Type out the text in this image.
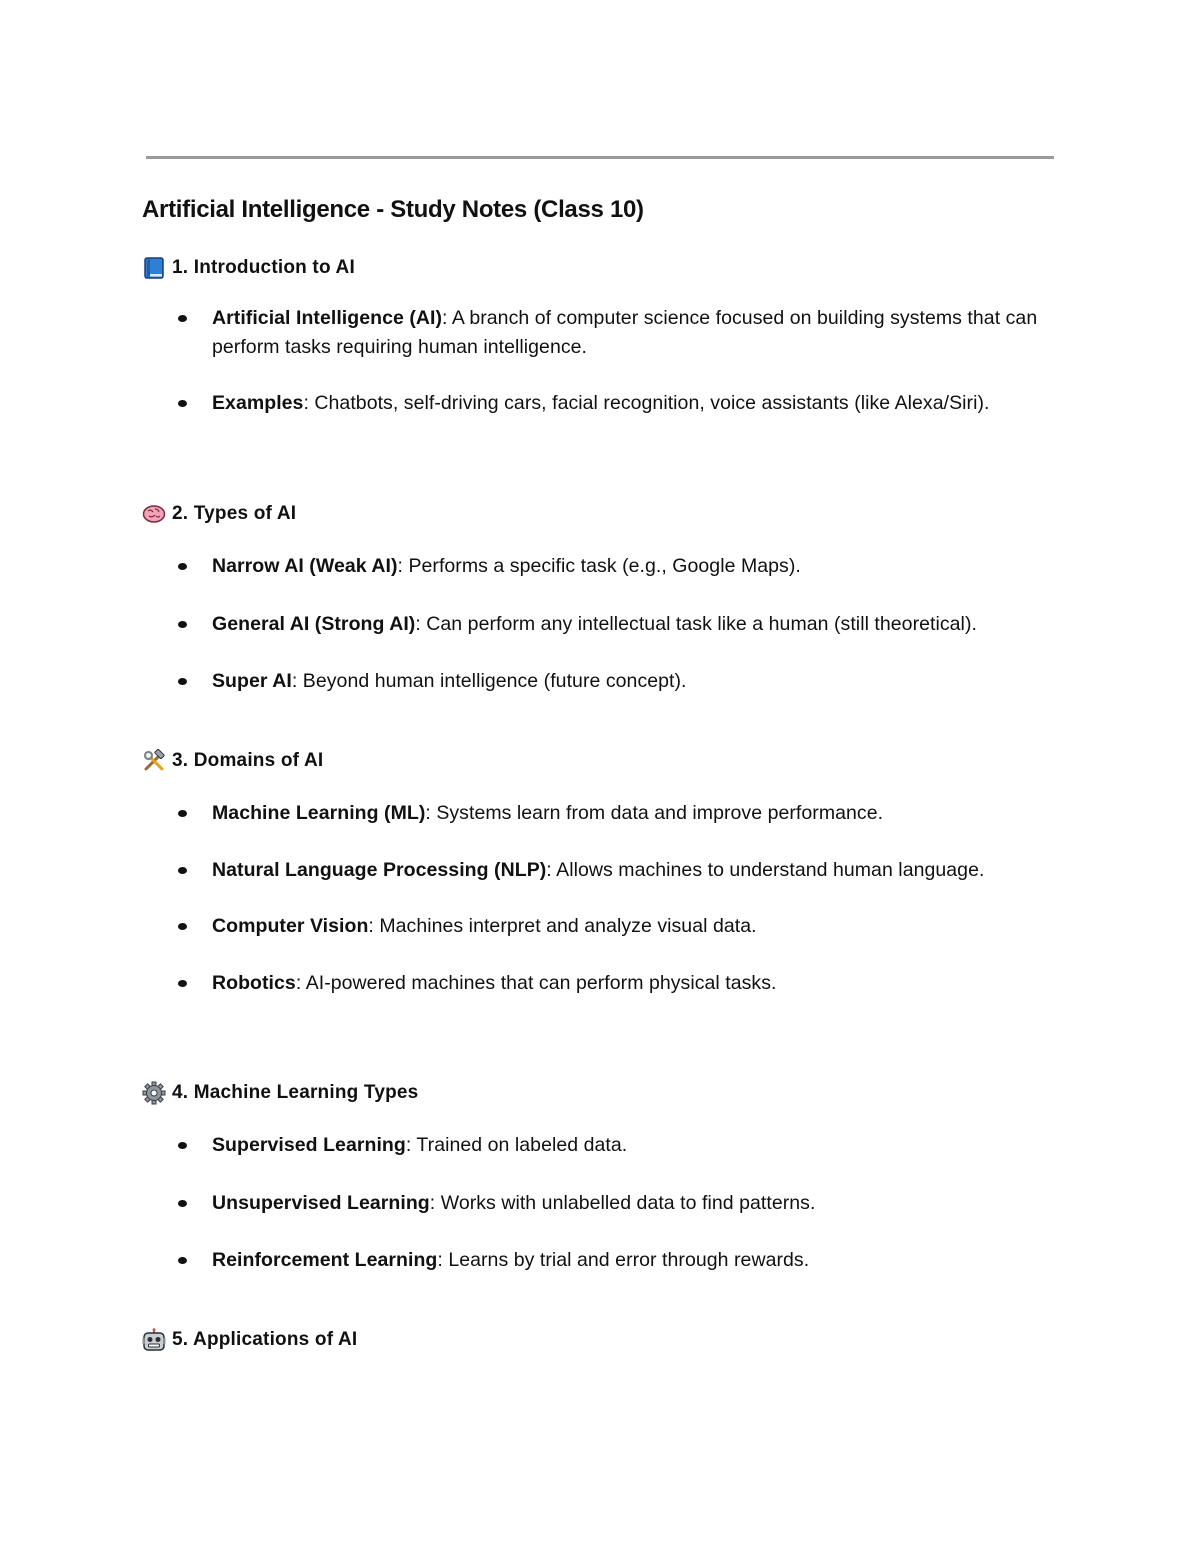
Artificial Intelligence - Study Notes (Class 10)
1. Introduction to AI
Artificial Intelligence (AI): A branch of computer science focused on building systems that can perform tasks requiring human intelligence.
Examples: Chatbots, self-driving cars, facial recognition, voice assistants (like Alexa/Siri).
2. Types of AI
Narrow AI (Weak AI): Performs a specific task (e.g., Google Maps).
General AI (Strong AI): Can perform any intellectual task like a human (still theoretical).
Super AI: Beyond human intelligence (future concept).
3. Domains of AI
Machine Learning (ML): Systems learn from data and improve performance.
Natural Language Processing (NLP): Allows machines to understand human language.
Computer Vision: Machines interpret and analyze visual data.
Robotics: AI-powered machines that can perform physical tasks.
4. Machine Learning Types
Supervised Learning: Trained on labeled data.
Unsupervised Learning: Works with unlabelled data to find patterns.
Reinforcement Learning: Learns by trial and error through rewards.
5. Applications of AI
